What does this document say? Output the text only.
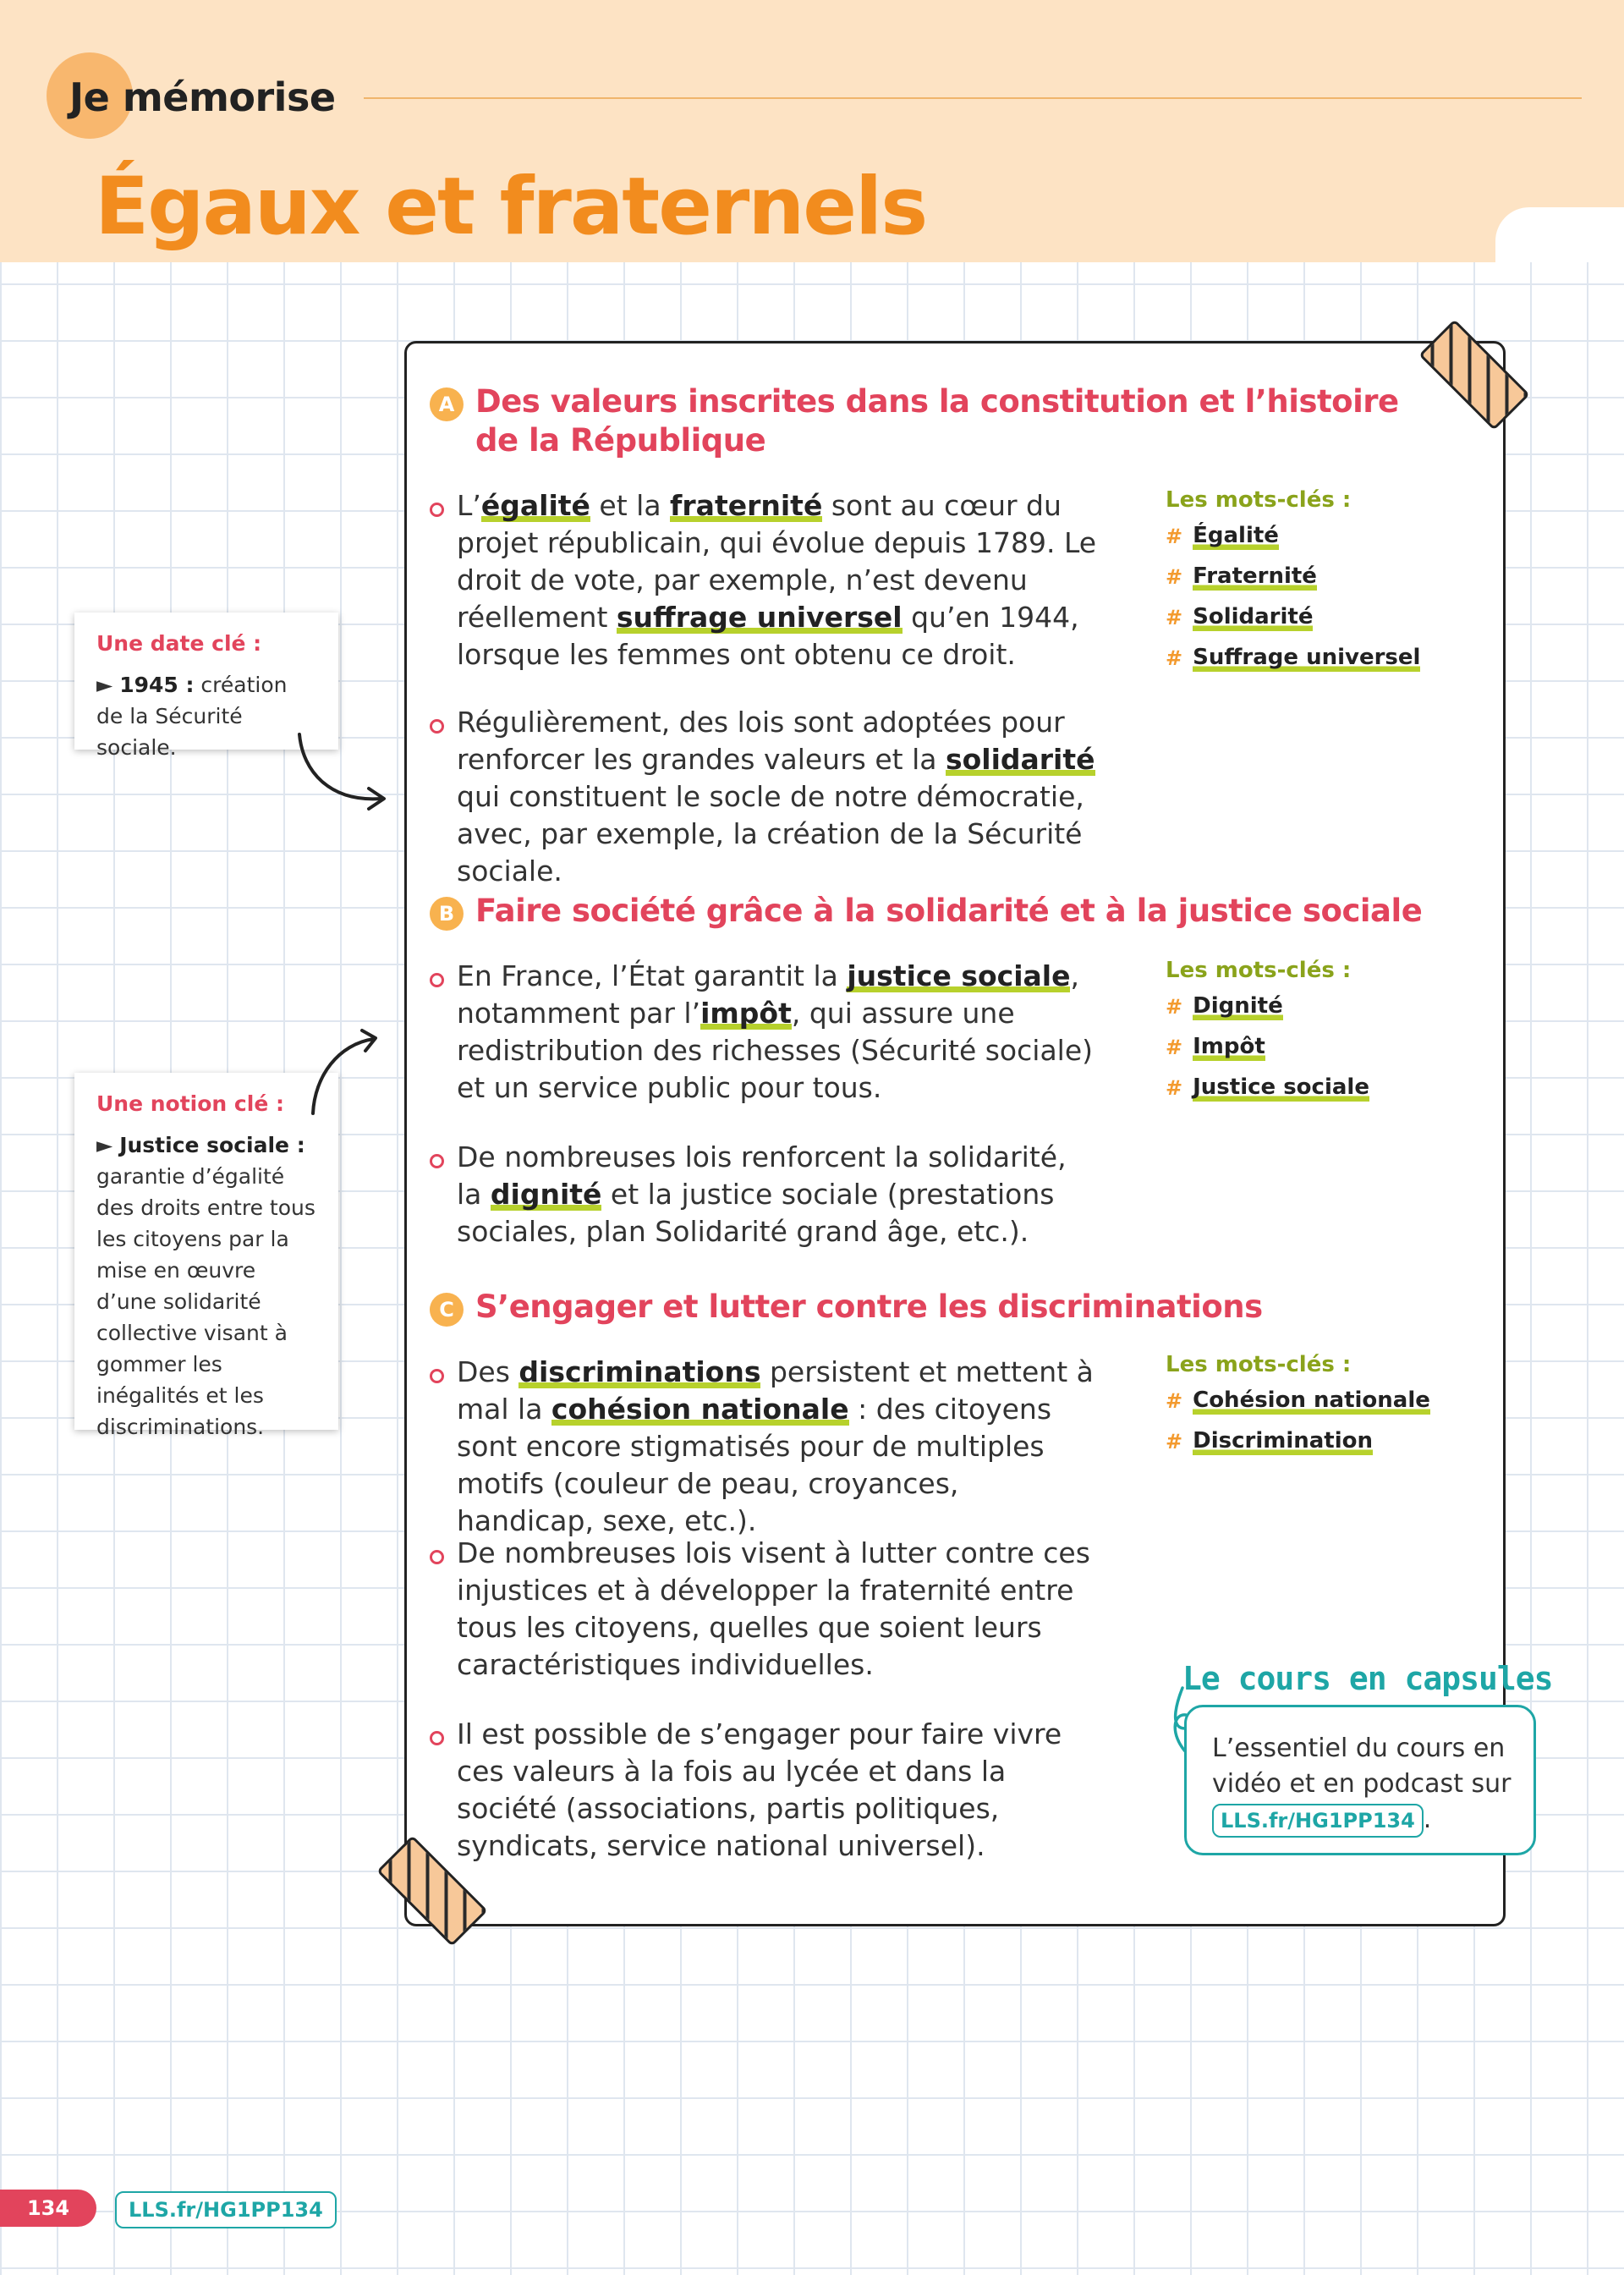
Je mémorise
Égaux et fraternels
A Des valeurs inscrites dans la constitution et l’histoire de la République
L’égalité et la fraternité sont au cœur du projet républicain, qui évolue depuis 1789. Le droit de vote, par exemple, n’est devenu réellement suffrage universel qu’en 1944, lorsque les femmes ont obtenu ce droit.
Régulièrement, des lois sont adoptées pour renforcer les grandes valeurs et la solidarité qui constituent le socle de notre démocratie, avec, par exemple, la création de la Sécurité sociale.
Les mots-clés :
# Égalité
# Fraternité
# Solidarité
# Suffrage universel
B Faire société grâce à la solidarité et à la justice sociale
En France, l’État garantit la justice sociale, notamment par l’impôt, qui assure une redistribution des richesses (Sécurité sociale) et un service public pour tous.
De nombreuses lois renforcent la solidarité, la dignité et la justice sociale (prestations sociales, plan Solidarité grand âge, etc.).
Les mots-clés :
# Dignité
# Impôt
# Justice sociale
C S’engager et lutter contre les discriminations
Des discriminations persistent et mettent à mal la cohésion nationale : des citoyens sont encore stigmatisés pour de multiples motifs (couleur de peau, croyances, handicap, sexe, etc.).
De nombreuses lois visent à lutter contre ces injustices et à développer la fraternité entre tous les citoyens, quelles que soient leurs caractéristiques individuelles.
Il est possible de s’engager pour faire vivre ces valeurs à la fois au lycée et dans la société (associations, partis politiques, syndicats, service national universel).
Les mots-clés :
# Cohésion nationale
# Discrimination
Une date clé :
► 1945 : création de la Sécurité sociale.
Une notion clé :
► Justice sociale : garantie d’égalité des droits entre tous les citoyens par la mise en œuvre d’une solidarité collective visant à gommer les inégalités et les discriminations.
Le cours en capsules
L’essentiel du cours en vidéo et en podcast sur LLS.fr/HG1PP134 .
134	LLS.fr/HG1PP134
